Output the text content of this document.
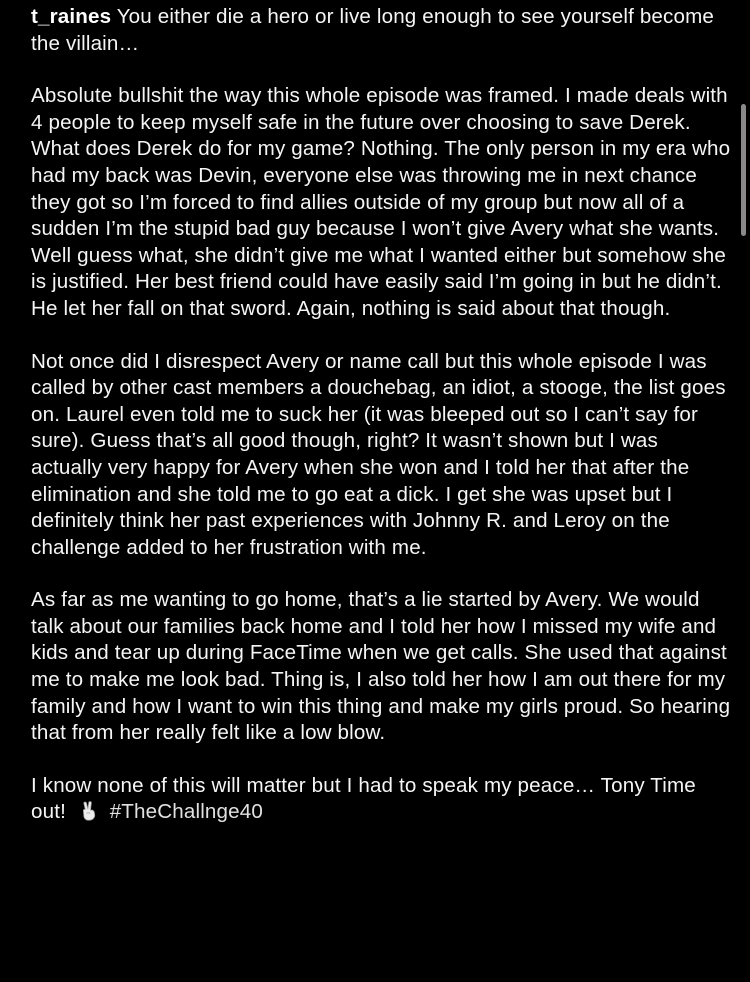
t_raines You either die a hero or live long enough to see yourself become the villain…

Absolute bullshit the way this whole episode was framed. I made deals with 4 people to keep myself safe in the future over choosing to save Derek. What does Derek do for my game? Nothing. The only person in my era who had my back was Devin, everyone else was throwing me in next chance they got so I’m forced to find allies outside of my group but now all of a sudden I’m the stupid bad guy because I won’t give Avery what she wants. Well guess what, she didn’t give me what I wanted either but somehow she is justified. Her best friend could have easily said I’m going in but he didn’t. He let her fall on that sword. Again, nothing is said about that though.

Not once did I disrespect Avery or name call but this whole episode I was called by other cast members a douchebag, an idiot, a stooge, the list goes on. Laurel even told me to suck her (it was bleeped out so I can’t say for sure). Guess that’s all good though, right? It wasn’t shown but I was actually very happy for Avery when she won and I told her that after the elimination and she told me to go eat a dick. I get she was upset but I definitely think her past experiences with Johnny R. and Leroy on the challenge added to her frustration with me.

As far as me wanting to go home, that’s a lie started by Avery. We would talk about our families back home and I told her how I missed my wife and kids and tear up during FaceTime when we get calls. She used that against me to make me look bad. Thing is, I also told her how I am out there for my family and how I want to win this thing and make my girls proud. So hearing that from her really felt like a low blow.

I know none of this will matter but I had to speak my peace… Tony Time out! #TheChallnge40
